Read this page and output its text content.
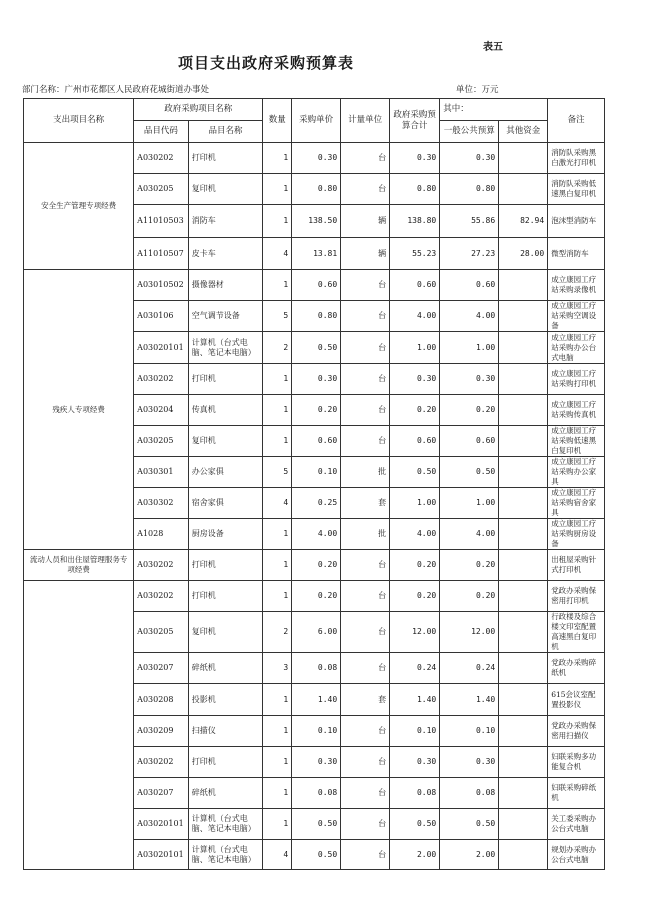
表五
项目支出政府采购预算表
部门名称：广州市花都区人民政府花城街道办事处	单位：万元
支出项目名称	政府采购项目名称		数量	采购单价	计量单位	政府采购预算合计	其中：		备注
	品目代码	品目名称					一般公共预算	其他资金	
安全生产管理专项经费	A030202	打印机	1	0.30	台	0.30	0.30		消防队采购黑白激光打印机
	A030205	复印机	1	0.80	台	0.80	0.80		消防队采购低速黑白复印机
	A11010503	消防车	1	138.50	辆	138.80	55.86	82.94	泡沫型消防车
	A11010507	皮卡车	4	13.81	辆	55.23	27.23	28.00	微型消防车
残疾人专项经费	A03010502	摄像器材	1	0.60	台	0.60	0.60		成立康园工疗站采购录像机
	A030106	空气调节设备	5	0.80	台	4.00	4.00		成立康园工疗站采购空调设备
	A03020101	计算机（台式电脑、笔记本电脑）	2	0.50	台	1.00	1.00		成立康园工疗站采购办公台式电脑
	A030202	打印机	1	0.30	台	0.30	0.30		成立康园工疗站采购打印机
	A030204	传真机	1	0.20	台	0.20	0.20		成立康园工疗站采购传真机
	A030205	复印机	1	0.60	台	0.60	0.60		成立康园工疗站采购低速黑白复印机
	A030301	办公家俱	5	0.10	批	0.50	0.50		成立康园工疗站采购办公家具
	A030302	宿舍家俱	4	0.25	套	1.00	1.00		成立康园工疗站采购宿舍家具
	A1028	厨房设备	1	4.00	批	4.00	4.00		成立康园工疗站采购厨房设备
流动人员和出住屋管理服务专项经费	A030202	打印机	1	0.20	台	0.20	0.20		出租屋采购针式打印机
	A030202	打印机	1	0.20	台	0.20	0.20		党政办采购保密用打印机
	A030205	复印机	2	6.00	台	12.00	12.00		行政楼及综合楼文印室配置高速黑白复印机
	A030207	碎纸机	3	0.08	台	0.24	0.24		党政办采购碎纸机
	A030208	投影机	1	1.40	套	1.40	1.40		615会议室配置投影仪
	A030209	扫描仪	1	0.10	台	0.10	0.10		党政办采购保密用扫描仪
	A030202	打印机	1	0.30	台	0.30	0.30		妇联采购多功能复合机
	A030207	碎纸机	1	0.08	台	0.08	0.08		妇联采购碎纸机
	A03020101	计算机（台式电脑、笔记本电脑）	1	0.50	台	0.50	0.50		关工委采购办公台式电脑
	A03020101	计算机（台式电脑、笔记本电脑）	4	0.50	台	2.00	2.00		规划办采购办公台式电脑
